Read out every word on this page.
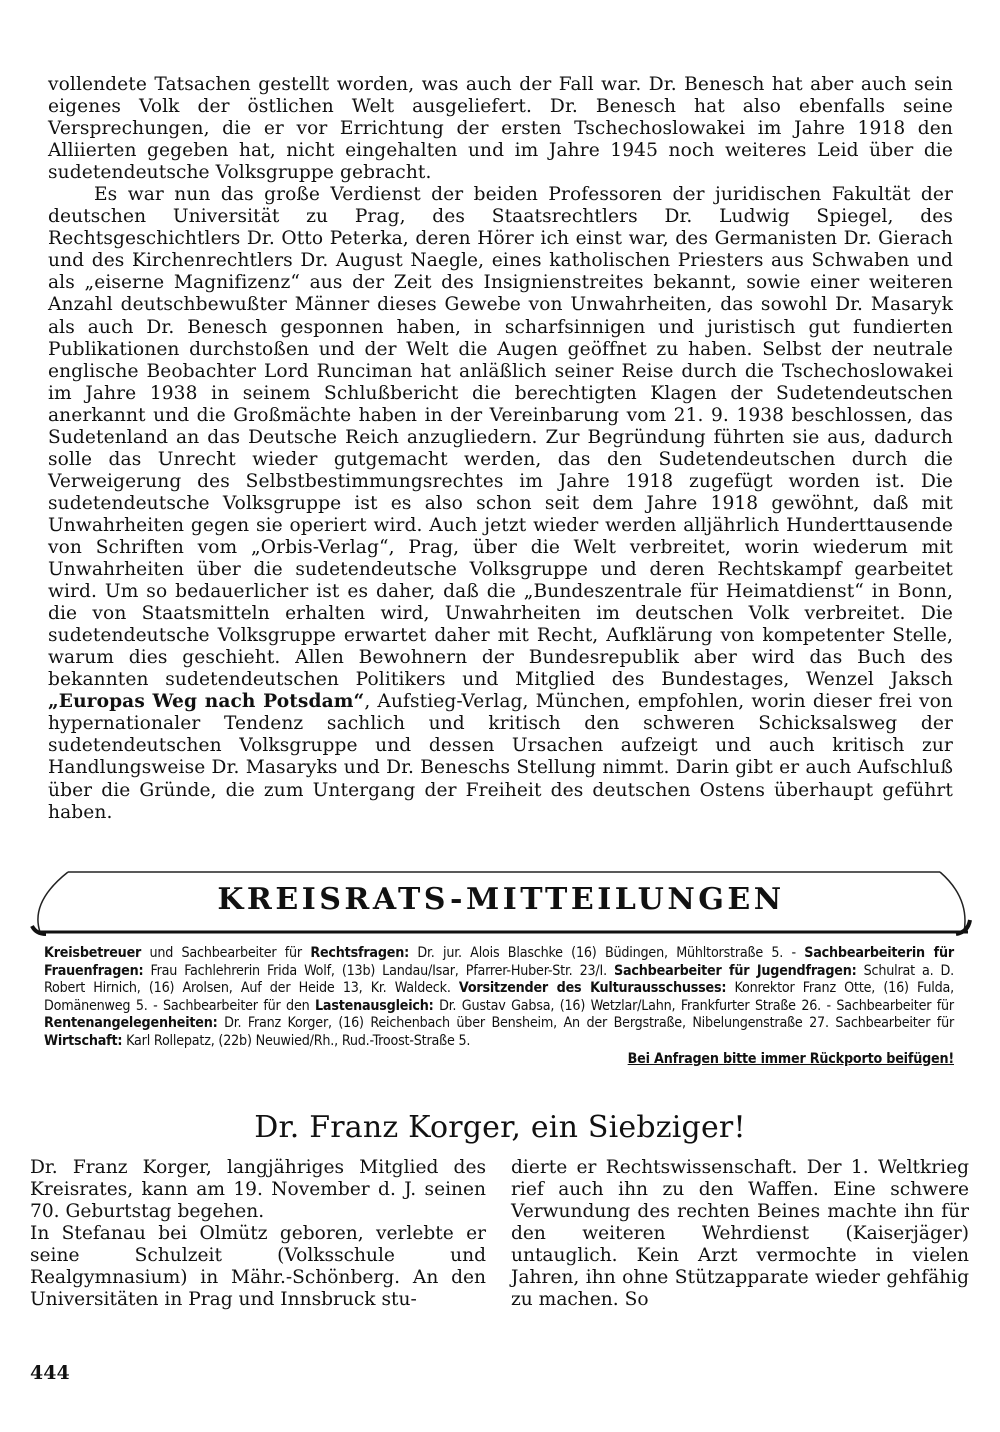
vollendete Tatsachen gestellt worden, was auch der Fall war. Dr. Benesch hat aber auch sein eigenes Volk der östlichen Welt ausgeliefert. Dr. Benesch hat also ebenfalls seine Versprechungen, die er vor Errichtung der ersten Tschechoslowakei im Jahre 1918 den Alliierten gegeben hat, nicht eingehalten und im Jahre 1945 noch weiteres Leid über die sudetendeutsche Volksgruppe gebracht.

Es war nun das große Verdienst der beiden Professoren der juridischen Fakultät der deutschen Universität zu Prag, des Staatsrechtlers Dr. Ludwig Spiegel, des Rechtsgeschichtlers Dr. Otto Peterka, deren Hörer ich einst war, des Germanisten Dr. Gierach und des Kirchenrechtlers Dr. August Naegle, eines katholischen Priesters aus Schwaben und als „eiserne Magnifizenz“ aus der Zeit des Insignienstreites bekannt, sowie einer weiteren Anzahl deutschbewußter Männer dieses Gewebe von Unwahrheiten, das sowohl Dr. Masaryk als auch Dr. Benesch gesponnen haben, in scharfsinnigen und juristisch gut fundierten Publikationen durchstoßen und der Welt die Augen geöffnet zu haben. Selbst der neutrale englische Beobachter Lord Runciman hat anläßlich seiner Reise durch die Tschechoslowakei im Jahre 1938 in seinem Schlußbericht die berechtigten Klagen der Sudetendeutschen anerkannt und die Großmächte haben in der Vereinbarung vom 21. 9. 1938 beschlossen, das Sudetenland an das Deutsche Reich anzugliedern. Zur Begründung führten sie aus, dadurch solle das Unrecht wieder gutgemacht werden, das den Sudetendeutschen durch die Verweigerung des Selbstbestimmungsrechtes im Jahre 1918 zugefügt worden ist. Die sudetendeutsche Volksgruppe ist es also schon seit dem Jahre 1918 gewöhnt, daß mit Unwahrheiten gegen sie operiert wird. Auch jetzt wieder werden alljährlich Hunderttausende von Schriften vom „Orbis-Verlag“, Prag, über die Welt verbreitet, worin wiederum mit Unwahrheiten über die sudetendeutsche Volksgruppe und deren Rechtskampf gearbeitet wird. Um so bedauerlicher ist es daher, daß die „Bundeszentrale für Heimatdienst“ in Bonn, die von Staatsmitteln erhalten wird, Unwahrheiten im deutschen Volk verbreitet. Die sudetendeutsche Volksgruppe erwartet daher mit Recht, Aufklärung von kompetenter Stelle, warum dies geschieht. Allen Bewohnern der Bundesrepublik aber wird das Buch des bekannten sudetendeutschen Politikers und Mitglied des Bundestages, Wenzel Jaksch „Europas Weg nach Potsdam“, Aufstieg-Verlag, München, empfohlen, worin dieser frei von hypernationaler Tendenz sachlich und kritisch den schweren Schicksalsweg der sudetendeutschen Volksgruppe und dessen Ursachen aufzeigt und auch kritisch zur Handlungsweise Dr. Masaryks und Dr. Beneschs Stellung nimmt. Darin gibt er auch Aufschluß über die Gründe, die zum Untergang der Freiheit des deutschen Ostens überhaupt geführt haben.

KREISRATS-MITTEILUNGEN

Kreisbetreuer und Sachbearbeiter für Rechtsfragen: Dr. jur. Alois Blaschke (16) Büdingen, Mühltorstraße 5. - Sachbearbeiterin für Frauenfragen: Frau Fachlehrerin Frida Wolf, (13b) Landau/Isar, Pfarrer-Huber-Str. 23/I. Sachbearbeiter für Jugendfragen: Schulrat a. D. Robert Hirnich, (16) Arolsen, Auf der Heide 13, Kr. Waldeck. Vorsitzender des Kulturausschusses: Konrektor Franz Otte, (16) Fulda, Domänenweg 5. - Sachbearbeiter für den Lastenausgleich: Dr. Gustav Gabsa, (16) Wetzlar/Lahn, Frankfurter Straße 26. - Sachbearbeiter für Rentenangelegenheiten: Dr. Franz Korger, (16) Reichenbach über Bensheim, An der Bergstraße, Nibelungenstraße 27. Sachbearbeiter für Wirtschaft: Karl Rollepatz, (22b) Neuwied/Rh., Rud.-Troost-Straße 5.

Bei Anfragen bitte immer Rückporto beifügen!

Dr. Franz Korger, ein Siebziger!

Dr. Franz Korger, langjähriges Mitglied des Kreisrates, kann am 19. November d. J. seinen 70. Geburtstag begehen.

In Stefanau bei Olmütz geboren, verlebte er seine Schulzeit (Volksschule und Realgymnasium) in Mähr.-Schönberg. An den Universitäten in Prag und Innsbruck stu-

dierte er Rechtswissenschaft. Der 1. Weltkrieg rief auch ihn zu den Waffen. Eine schwere Verwundung des rechten Beines machte ihn für den weiteren Wehrdienst (Kaiserjäger) untauglich. Kein Arzt vermochte in vielen Jahren, ihn ohne Stützapparate wieder gehfähig zu machen. So

444
